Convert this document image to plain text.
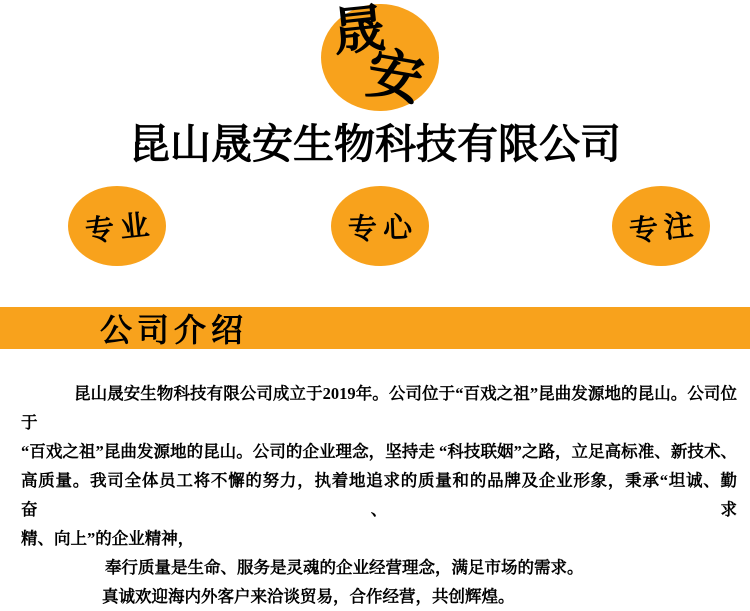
晟
安
昆山晟安生物科技有限公司
专业	专心	专注
公司介绍

昆山晟安生物科技有限公司成立于2019年。公司位于“百戏之祖”昆曲发源地的昆山。公司位于

“百戏之祖”昆曲发源地的昆山。公司的企业理念，坚持走 “科技联姻”之路，立足高标准、新技术、

高质量。我司全体员工将不懈的努力，执着地追求的质量和的品牌及企业形象，秉承“坦诚、勤奋、求

精、向上”的企业精神，

奉行质量是生命、服务是灵魂的企业经营理念，满足市场的需求。

真诚欢迎海内外客户来洽谈贸易，合作经营，共创辉煌。
